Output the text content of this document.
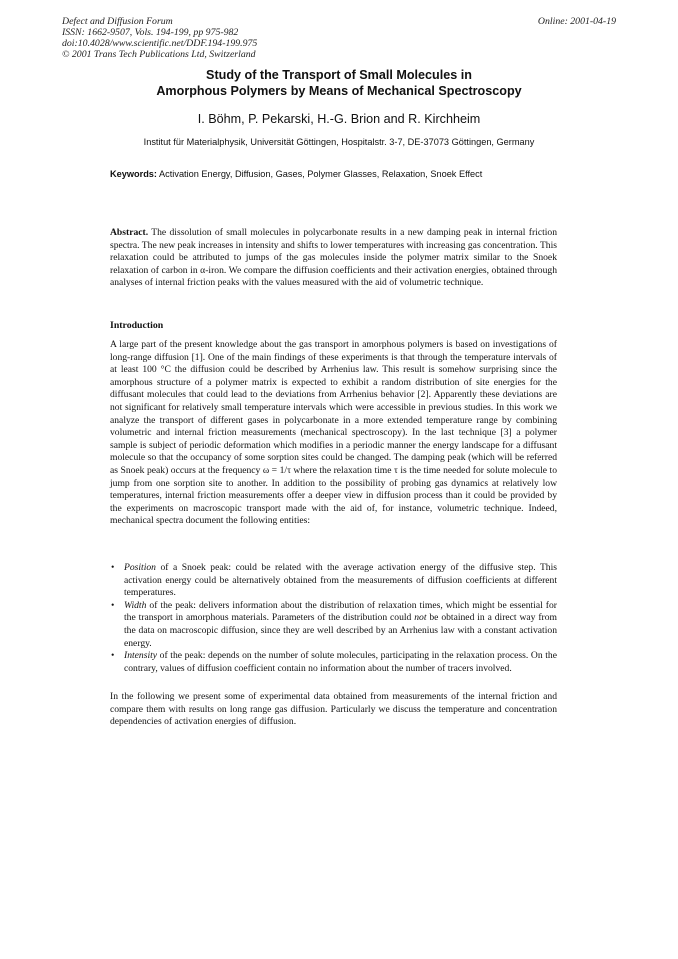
Defect and Diffusion Forum
ISSN: 1662-9507, Vols. 194-199, pp 975-982
doi:10.4028/www.scientific.net/DDF.194-199.975
© 2001 Trans Tech Publications Ltd, Switzerland
Online: 2001-04-19
Study of the Transport of Small Molecules in
Amorphous Polymers by Means of Mechanical Spectroscopy
I. Böhm, P. Pekarski, H.-G. Brion and R. Kirchheim
Institut für Materialphysik, Universität Göttingen, Hospitalstr. 3-7, DE-37073 Göttingen, Germany
Keywords: Activation Energy, Diffusion, Gases, Polymer Glasses, Relaxation, Snoek Effect
Abstract. The dissolution of small molecules in polycarbonate results in a new damping peak in internal friction spectra. The new peak increases in intensity and shifts to lower temperatures with increasing gas concentration. This relaxation could be attributed to jumps of the gas molecules inside the polymer matrix similar to the Snoek relaxation of carbon in α-iron. We compare the diffusion coefficients and their activation energies, obtained through analyses of internal friction peaks with the values measured with the aid of volumetric technique.
Introduction
A large part of the present knowledge about the gas transport in amorphous polymers is based on investigations of long-range diffusion [1]. One of the main findings of these experiments is that through the temperature intervals of at least 100 °C the diffusion could be described by Arrhenius law. This result is somehow surprising since the amorphous structure of a polymer matrix is expected to exhibit a random distribution of site energies for the diffusant molecules that could lead to the deviations from Arrhenius behavior [2]. Apparently these deviations are not significant for relatively small temperature intervals which were accessible in previous studies. In this work we analyze the transport of different gases in polycarbonate in a more extended temperature range by combining volumetric and internal friction measurements (mechanical spectroscopy). In the last technique [3] a polymer sample is subject of periodic deformation which modifies in a periodic manner the energy landscape for a diffusant molecule so that the occupancy of some sorption sites could be changed. The damping peak (which will be referred as Snoek peak) occurs at the frequency ω = 1/τ where the relaxation time τ is the time needed for solute molecule to jump from one sorption site to another. In addition to the possibility of probing gas dynamics at relatively low temperatures, internal friction measurements offer a deeper view in diffusion process than it could be provided by the experiments on macroscopic transport made with the aid of, for instance, volumetric technique. Indeed, mechanical spectra document the following entities:
• Position of a Snoek peak: could be related with the average activation energy of the diffusive step. This activation energy could be alternatively obtained from the measurements of diffusion coefficients at different temperatures.
• Width of the peak: delivers information about the distribution of relaxation times, which might be essential for the transport in amorphous materials. Parameters of the distribution could not be obtained in a direct way from the data on macroscopic diffusion, since they are well described by an Arrhenius law with a constant activation energy.
• Intensity of the peak: depends on the number of solute molecules, participating in the relaxation process. On the contrary, values of diffusion coefficient contain no information about the number of tracers involved.
In the following we present some of experimental data obtained from measurements of the internal friction and compare them with results on long range gas diffusion. Particularly we discuss the temperature and concentration dependencies of activation energies of diffusion.
